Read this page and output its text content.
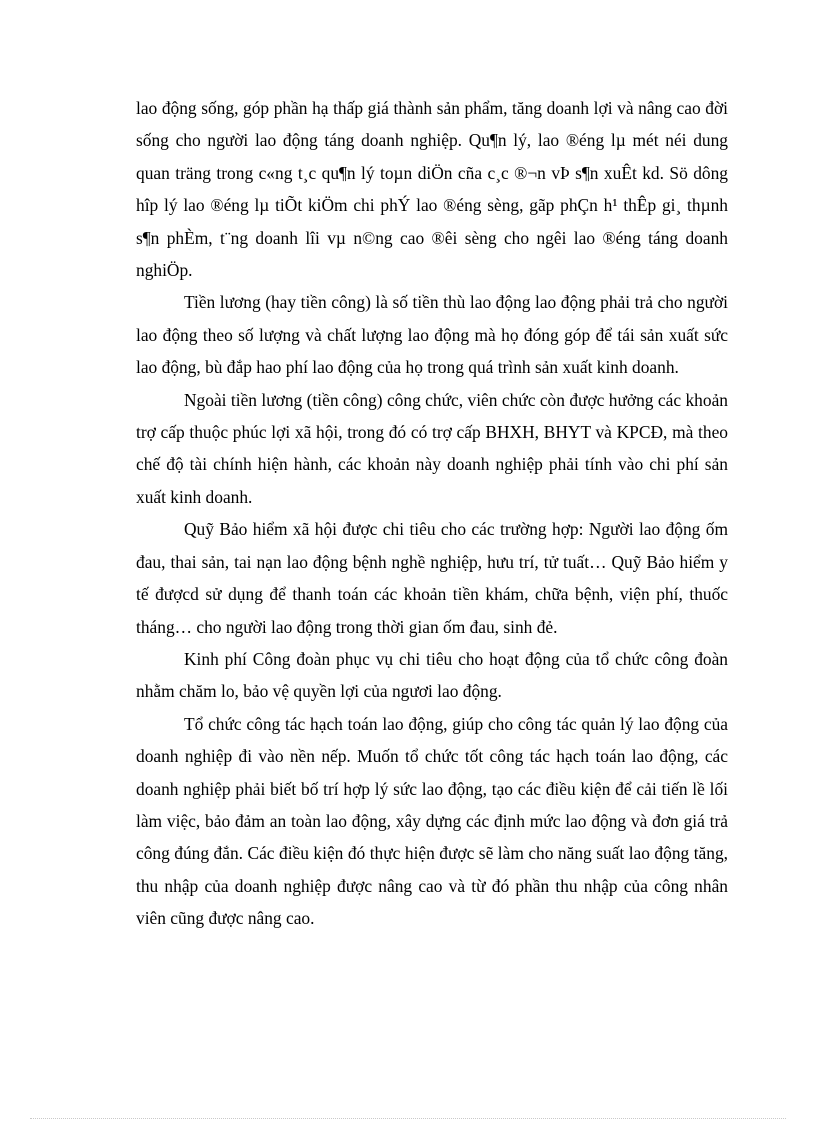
lao động sống, góp phần hạ thấp giá thành sản phẩm, tăng doanh lợi và nâng cao đời sống cho người lao động táng doanh nghiệp. Qu¶n lý, lao ®éng lµ mét néi dung quan träng trong c«ng t¸c qu¶n lý toµn diÖn cña c¸c ®¬n vÞ s¶n xuÊt kd. Sö dông hîp lý lao ®éng lµ tiÕt kiÖm chi phÝ lao ®éng sèng, gãp phÇn h¹ thÊp gi¸ thµnh s¶n phÈm, t¨ng doanh lîi vµ n©ng cao ®êi sèng cho ngêi lao ®éng táng doanh nghiÖp.

Tiền lương (hay tiền công) là số tiền thù lao động lao động phải trả cho người lao động theo số lượng và chất lượng lao động mà họ đóng góp để tái sản xuất sức lao động, bù đắp hao phí lao động của họ trong quá trình sản xuất kinh doanh.

Ngoài tiền lương (tiền công) công chức, viên chức còn được hưởng các khoản trợ cấp thuộc phúc lợi xã hội, trong đó có trợ cấp BHXH, BHYT và KPCĐ, mà theo chế độ tài chính hiện hành, các khoản này doanh nghiệp phải tính vào chi phí sản xuất kinh doanh.

Quỹ Bảo hiểm xã hội được chi tiêu cho các trường hợp: Người lao động ốm đau, thai sản, tai nạn lao động bệnh nghề nghiệp, hưu trí, tử tuất… Quỹ Bảo hiểm y tế đượcd sử dụng để thanh toán các khoản tiền khám, chữa bệnh, viện phí, thuốc tháng… cho người lao động trong thời gian ốm đau, sinh đẻ.

Kinh phí Công đoàn phục vụ chi tiêu cho hoạt động của tổ chức công đoàn nhằm chăm lo, bảo vệ quyền lợi của ngươi lao động.

Tổ chức công tác hạch toán lao động, giúp cho công tác quản lý lao động của doanh nghiệp đi vào nền nếp. Muốn tổ chức tốt công tác hạch toán lao động, các doanh nghiệp phải biết bố trí hợp lý sức lao động, tạo các điều kiện để cải tiến lề lối làm việc, bảo đảm an toàn lao động, xây dựng các định mức lao động và đơn giá trả công đúng đắn. Các điều kiện đó thực hiện được sẽ làm cho năng suất lao động tăng, thu nhập của doanh nghiệp được nâng cao và từ đó phần thu nhập của công nhân viên cũng được nâng cao.
